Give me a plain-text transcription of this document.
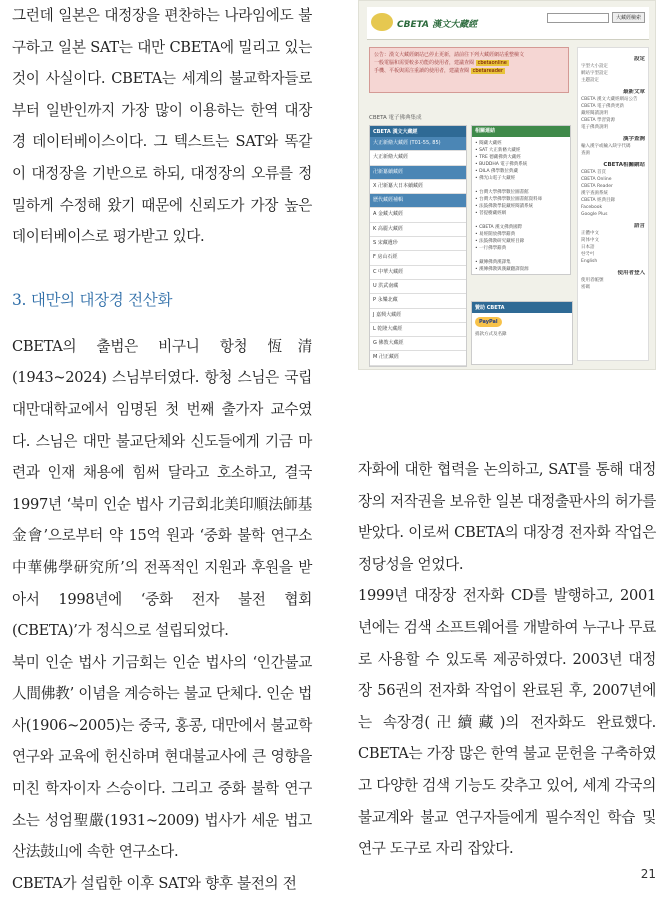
그런데 일본은 대정장을 편찬하는 나라임에도 불구하고 일본 SAT는 대만 CBETA에 밀리고 있는 것이 사실이다. CBETA는 세계의 불교학자들로부터 일반인까지 가장 많이 이용하는 한역 대장경 데이터베이스이다. 그 텍스트는 SAT와 똑같이 대정장을 기반으로 하되, 대정장의 오류를 정밀하게 수정해 왔기 때문에 신뢰도가 가장 높은 데이터베이스로 평가받고 있다.

3. 대만의 대장경 전산화

CBETA의 출범은 비구니 항청 恆清(1943~2024) 스님부터였다. 항청 스님은 국립대만대학교에서 임명된 첫 번째 출가자 교수였다. 스님은 대만 불교단체와 신도들에게 기금 마련과 인재 채용에 힘써 달라고 호소하고, 결국 1997년 ‘북미 인순 법사 기금회北美印順法師基金會’으로부터 약 15억 원과 ‘중화 불학 연구소中華佛學研究所’의 전폭적인 지원과 후원을 받아서 1998년에 ‘중화 전자 불전 협회(CBETA)’가 정식으로 설립되었다.

북미 인순 법사 기금회는 인순 법사의 ‘인간불교人間佛教’ 이념을 계승하는 불교 단체다. 인순 법사(1906~2005)는 중국, 홍콩, 대만에서 불교학 연구와 교육에 헌신하며 현대불교사에 큰 영향을 미친 학자이자 스승이다. 그리고 중화 불학 연구소는 성엄聖嚴(1931~2009) 법사가 세운 법고산法鼓山에 속한 연구소다.

CBETA가 설립한 이후 SAT와 향후 불전의 전

CBETA 漢文大藏經
大藏經檢索
公告：漢文大藏經網站已停止更新，請前往下列大藏經網站重整檢文
一般電腦和需要較多功能的使用者，建議查閱 cbetaonline
手機、平板與需注重讀的使用者，建議查閱 cbetareader
CBETA 電子佛典集成
CBETA 漢文大藏經
大正新脩大藏經 (T01-55, 85)
大正新脩大藏經
卍新纂續藏經
X 卍新纂大日本續藏經
歷代藏經補輯
A 金藏大藏經
K 高麗大藏經
S 宋藏遺珍
F 房山石經
C 中華大藏經
U 洪武南藏
P 永樂北藏
J 嘉興大藏經
L 乾隆大藏經
G 佛教大藏經
M 卍正藏經
相關連結
• 閱藏大藏經
• SAT 大正新脩大藏經
• TRE 德藏佛典大藏經
• BUDDHA 電子佛典系統
• DILA 佛學數位典藏
• 佛光山電子大藏經

• 台灣大學佛學數位圖書館
• 台灣大學佛學數位圖書館資料庫
• 法鼓佛教學院藏經閱讀系統
• 菩提樹藏經網

• CBETA 漢文佛典國際
• 易經開放佛學辭典
• 法鼓佛教研究藏經目錄
• 一行佛學辭典

• 藏傳佛典漢譯集
• 漢傳佛教與漢藏翻譯資源
贊助 CBETA
PayPal
捐款方式及名錄
設定
字型大小設定
網站字型設定
主題設定
最新文章
CBETA 漢文大藏經網站公告
CBETA 電子佛典更新
藏經閱讀說明
CBETA 學習資源
電子佛典說明
漢字查詢
輸入漢字或輸入缺字代碼
查詢
CBETA相關網站
CBETA 首頁
CBETA Online
CBETA Reader
漢字查詢系統
CBETA 經典目錄
Facebook
Google Plus
語言
正體中文
简体中文
日本語
한국어
English
使用者登入
使用者帳號
密碼

자화에 대한 협력을 논의하고, SAT를 통해 대정장의 저작권을 보유한 일본 대정출판사의 허가를 받았다. 이로써 CBETA의 대장경 전자화 작업은 정당성을 얻었다.

1999년 대장장 전자화 CD를 발행하고, 2001년에는 검색 소프트웨어를 개발하여 누구나 무료로 사용할 수 있도록 제공하였다. 2003년 대정장 56권의 전자화 작업이 완료된 후, 2007년에는 속장경(卍續藏)의 전자화도 완료했다. CBETA는 가장 많은 한역 불교 문헌을 구축하였고 다양한 검색 기능도 갖추고 있어, 세계 각국의 불교계와 불교 연구자들에게 필수적인 학습 및 연구 도구로 자리 잡았다.

21
